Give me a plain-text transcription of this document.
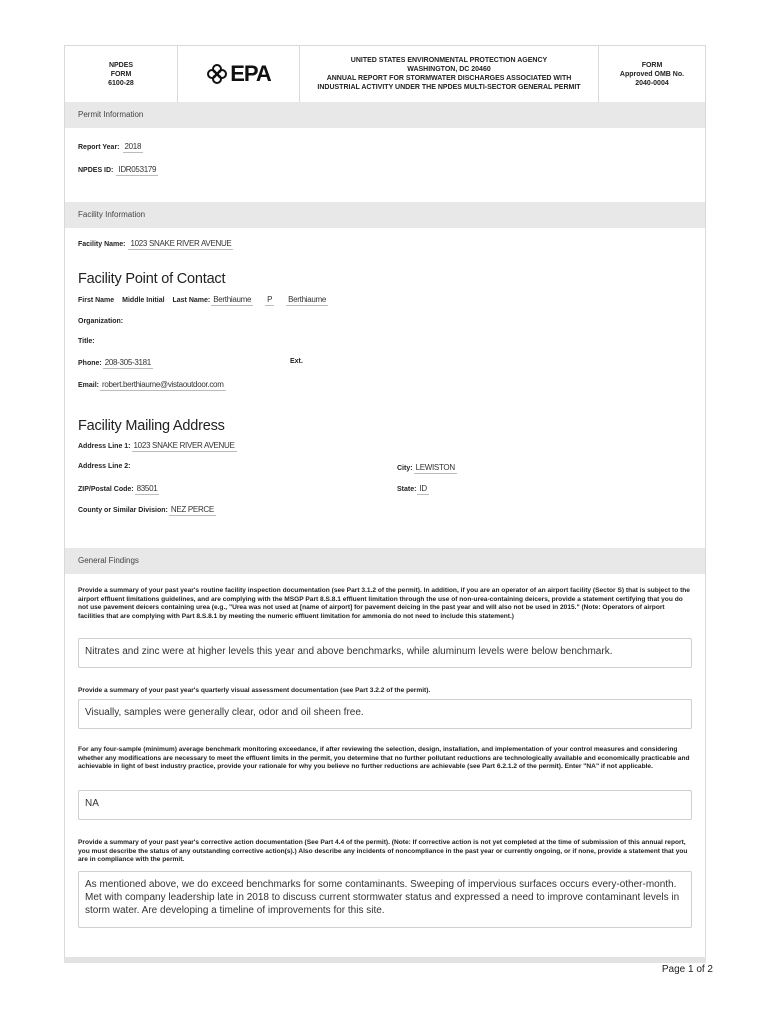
NPDES
FORM
6100-28	EPA
UNITED STATES ENVIRONMENTAL PROTECTION AGENCY
WASHINGTON, DC 20460
ANNUAL REPORT FOR STORMWATER DISCHARGES ASSOCIATED WITH
INDUSTRIAL ACTIVITY UNDER THE NPDES MULTI-SECTOR GENERAL PERMIT
FORM
Approved OMB No.
2040-0004
Permit Information
Report Year: 2018
NPDES ID: IDR053179
Facility Information
Facility Name: 1023 SNAKE RIVER AVENUE
Facility Point of Contact
First Name Middle Initial Last Name: Berthiaume P Berthiaume
Organization:
Title:
Phone: 208-305-3181	Ext.
Email: robert.berthiaume@vistaoutdoor.com
Facility Mailing Address
Address Line 1: 1023 SNAKE RIVER AVENUE
Address Line 2:	City: LEWISTON
ZIP/Postal Code: 83501	State: ID
County or Similar Division: NEZ PERCE
General Findings
Provide a summary of your past year's routine facility inspection documentation (see Part 3.1.2 of the permit). In addition, if you are an operator of an airport facility (Sector S) that is subject to the airport effluent limitations guidelines, and are complying with the MSGP Part 8.S.8.1 effluent limitation through the use of non-urea-containing deicers, provide a statement certifying that you do not use pavement deicers containing urea (e.g., "Urea was not used at [name of airport] for pavement deicing in the past year and will also not be used in 2015." (Note: Operators of airport facilities that are complying with Part 8.S.8.1 by meeting the numeric effluent limitation for ammonia do not need to include this statement.)
Nitrates and zinc were at higher levels this year and above benchmarks, while aluminum levels were below benchmark.
Provide a summary of your past year's quarterly visual assessment documentation (see Part 3.2.2 of the permit).
Visually, samples were generally clear, odor and oil sheen free.
For any four-sample (minimum) average benchmark monitoring exceedance, if after reviewing the selection, design, installation, and implementation of your control measures and considering whether any modifications are necessary to meet the effluent limits in the permit, you determine that no further pollutant reductions are technologically available and economically practicable and achievable in light of best industry practice, provide your rationale for why you believe no further reductions are achievable (see Part 6.2.1.2 of the permit). Enter "NA" if not applicable.
NA
Provide a summary of your past year's corrective action documentation (See Part 4.4 of the permit). (Note: If corrective action is not yet completed at the time of submission of this annual report, you must describe the status of any outstanding corrective action(s).) Also describe any incidents of noncompliance in the past year or currently ongoing, or if none, provide a statement that you are in compliance with the permit.
As mentioned above, we do exceed benchmarks for some contaminants. Sweeping of impervious surfaces occurs every-other-month. Met with company leadership late in 2018 to discuss current stormwater status and expressed a need to improve contaminant levels in storm water. Are developing a timeline of improvements for this site.
Page 1 of 2
